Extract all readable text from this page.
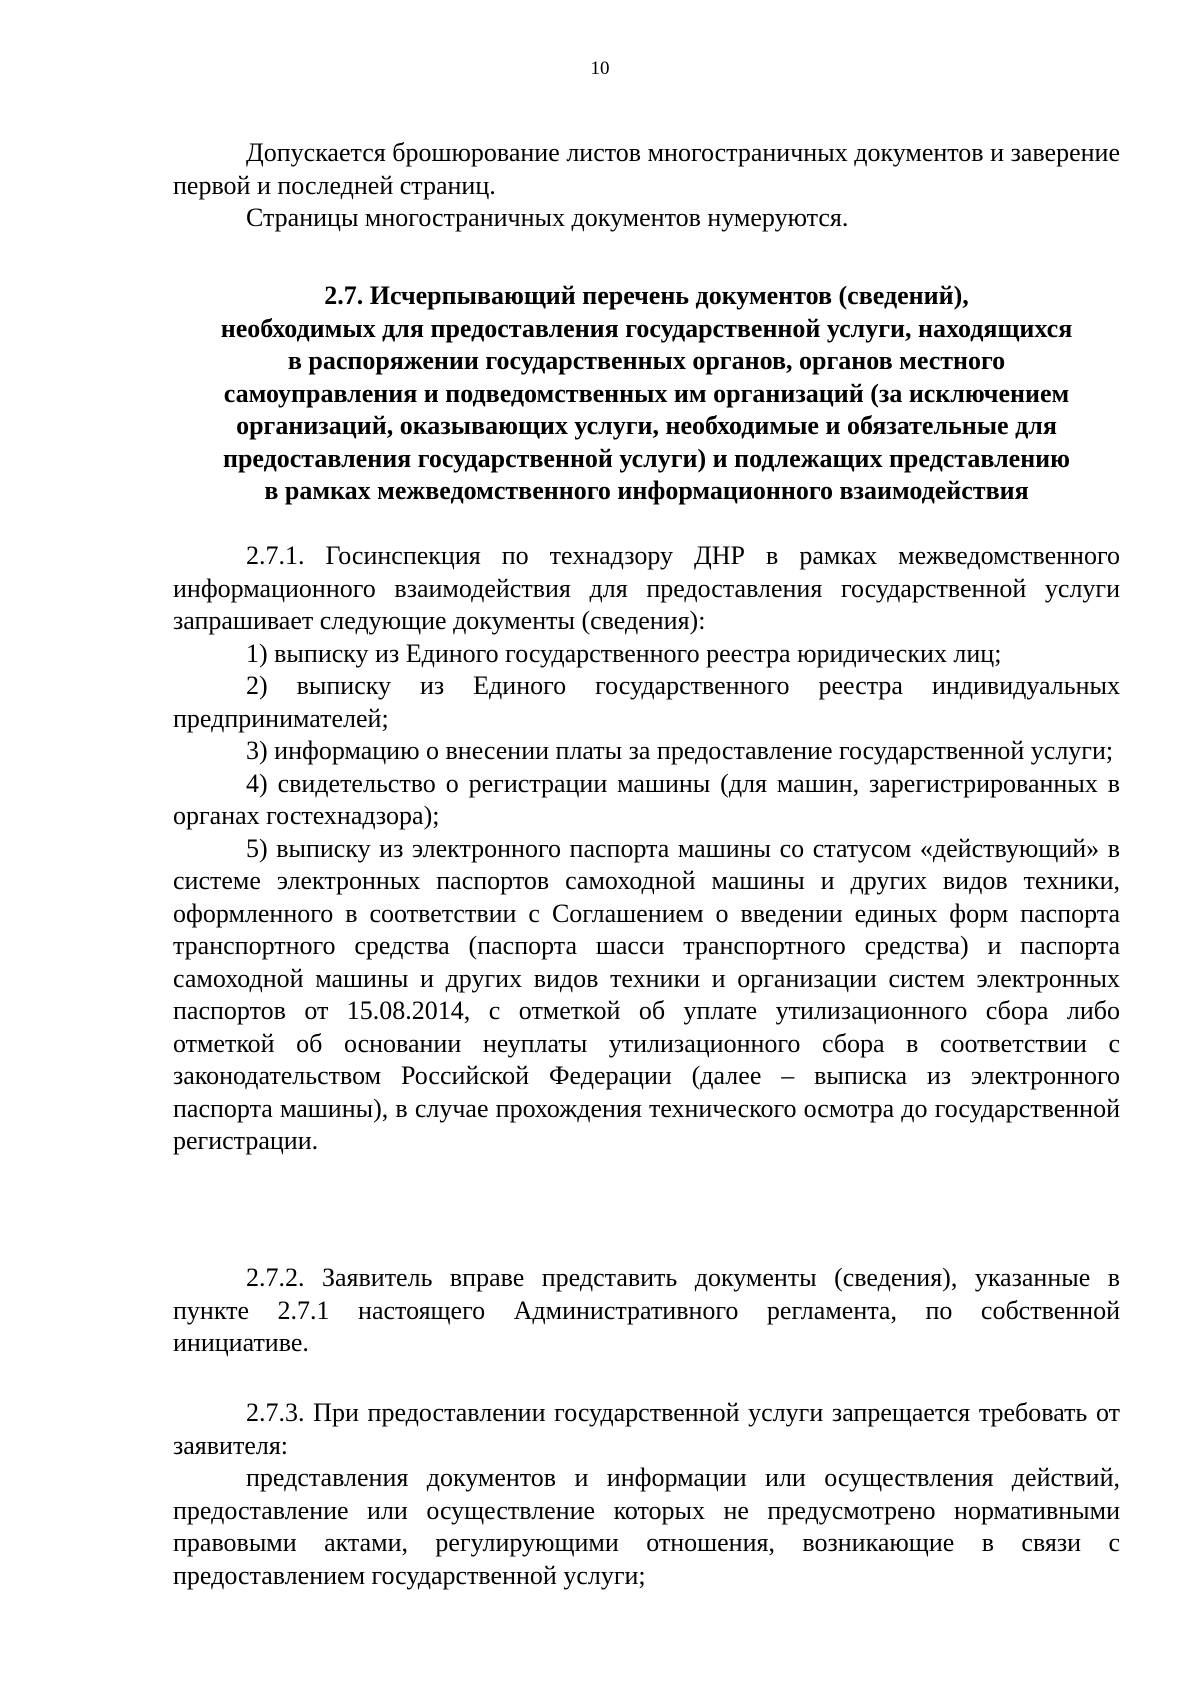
10

Допускается брошюрование листов многостраничных документов и заверение первой и последней страниц.

Страницы многостраничных документов нумеруются.

2.7. Исчерпывающий перечень документов (сведений),
необходимых для предоставления государственной услуги, находящихся
в распоряжении государственных органов, органов местного
самоуправления и подведомственных им организаций (за исключением
организаций, оказывающих услуги, необходимые и обязательные для
предоставления государственной услуги) и подлежащих представлению
в рамках межведомственного информационного взаимодействия

2.7.1. Госинспекция по технадзору ДНР в рамках межведомственного информационного взаимодействия для предоставления государственной услуги запрашивает следующие документы (сведения):

1) выписку из Единого государственного реестра юридических лиц;

2) выписку из Единого государственного реестра индивидуальных предпринимателей;

3) информацию о внесении платы за предоставление государственной услуги;

4) свидетельство о регистрации машины (для машин, зарегистрированных в органах гостехнадзора);

5) выписку из электронного паспорта машины со статусом «действующий» в системе электронных паспортов самоходной машины и других видов техники, оформленного в соответствии с Соглашением о введении единых форм паспорта транспортного средства (паспорта шасси транспортного средства) и паспорта самоходной машины и других видов техники и организации систем электронных паспортов от 15.08.2014, с отметкой об уплате утилизационного сбора либо отметкой об основании неуплаты утилизационного сбора в соответствии с законодательством Российской Федерации (далее – выписка из электронного паспорта машины), в случае прохождения технического осмотра до государственной регистрации.

2.7.2. Заявитель вправе представить документы (сведения), указанные в пункте 2.7.1 настоящего Административного регламента, по собственной инициативе.

2.7.3. При предоставлении государственной услуги запрещается требовать от заявителя:

представления документов и информации или осуществления действий, предоставление или осуществление которых не предусмотрено нормативными правовыми актами, регулирующими отношения, возникающие в связи с предоставлением государственной услуги;
